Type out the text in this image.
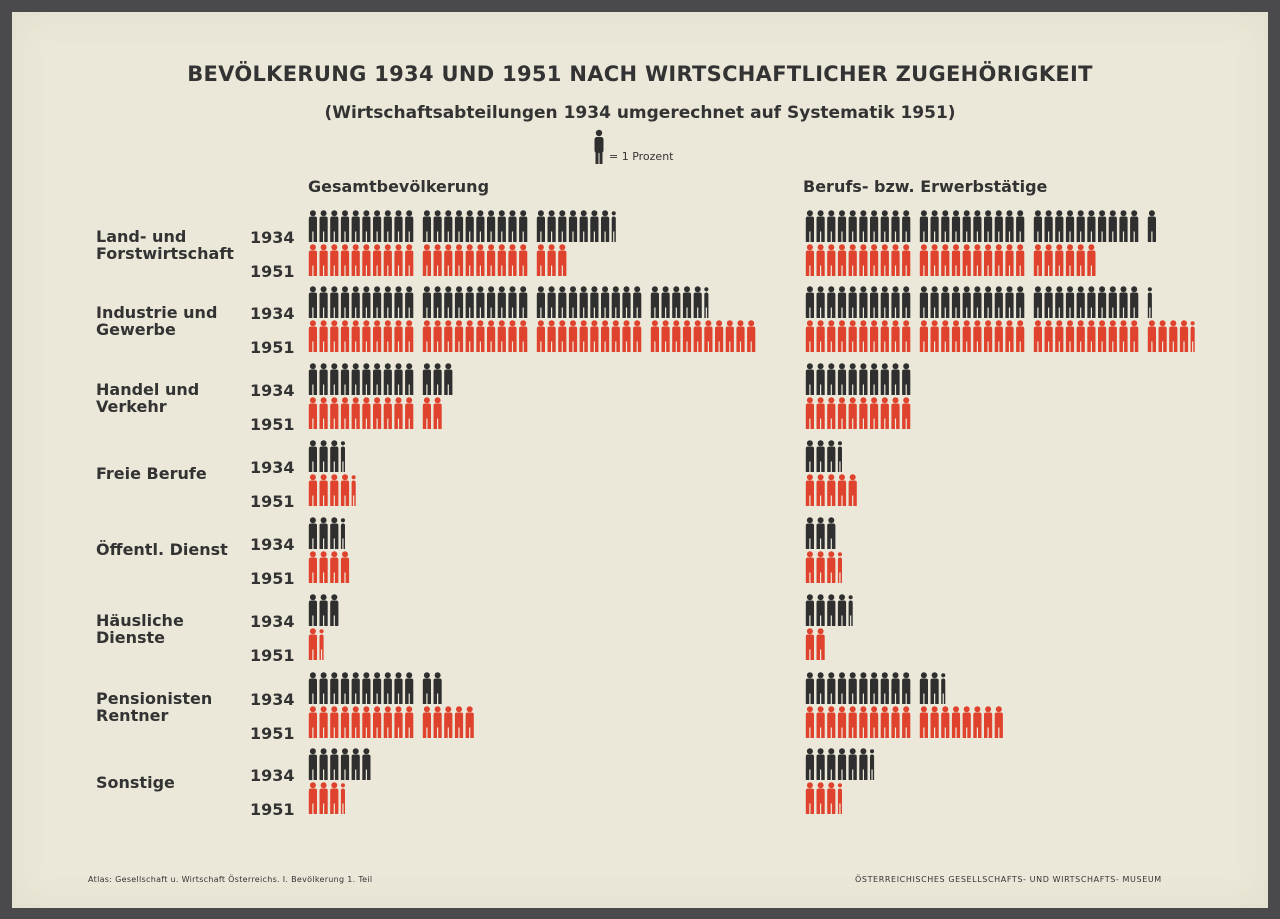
BEVÖLKERUNG 1934 UND 1951 NACH WIRTSCHAFTLICHER ZUGEHÖRIGKEIT
(Wirtschaftsabteilungen 1934 umgerechnet auf Systematik 1951)
= 1 Prozent
Gesamtbevölkerung	Berufs- bzw. Erwerbstätige
Land- und
Forstwirtschaft
Industrie und
Gewerbe
Handel und
Verkehr
Freie Berufe
Öffentl. Dienst
Häusliche
Dienste
Pensionisten
Rentner
Sonstige
1934
1951
1934
1951
1934
1951
1934
1951
1934
1951
1934
1951
1934
1951
1934
1951
Atlas: Gesellschaft u. Wirtschaft Österreichs. I. Bevölkerung 1. Teil	ÖSTERREICHISCHES GESELLSCHAFTS- UND WIRTSCHAFTS- MUSEUM
